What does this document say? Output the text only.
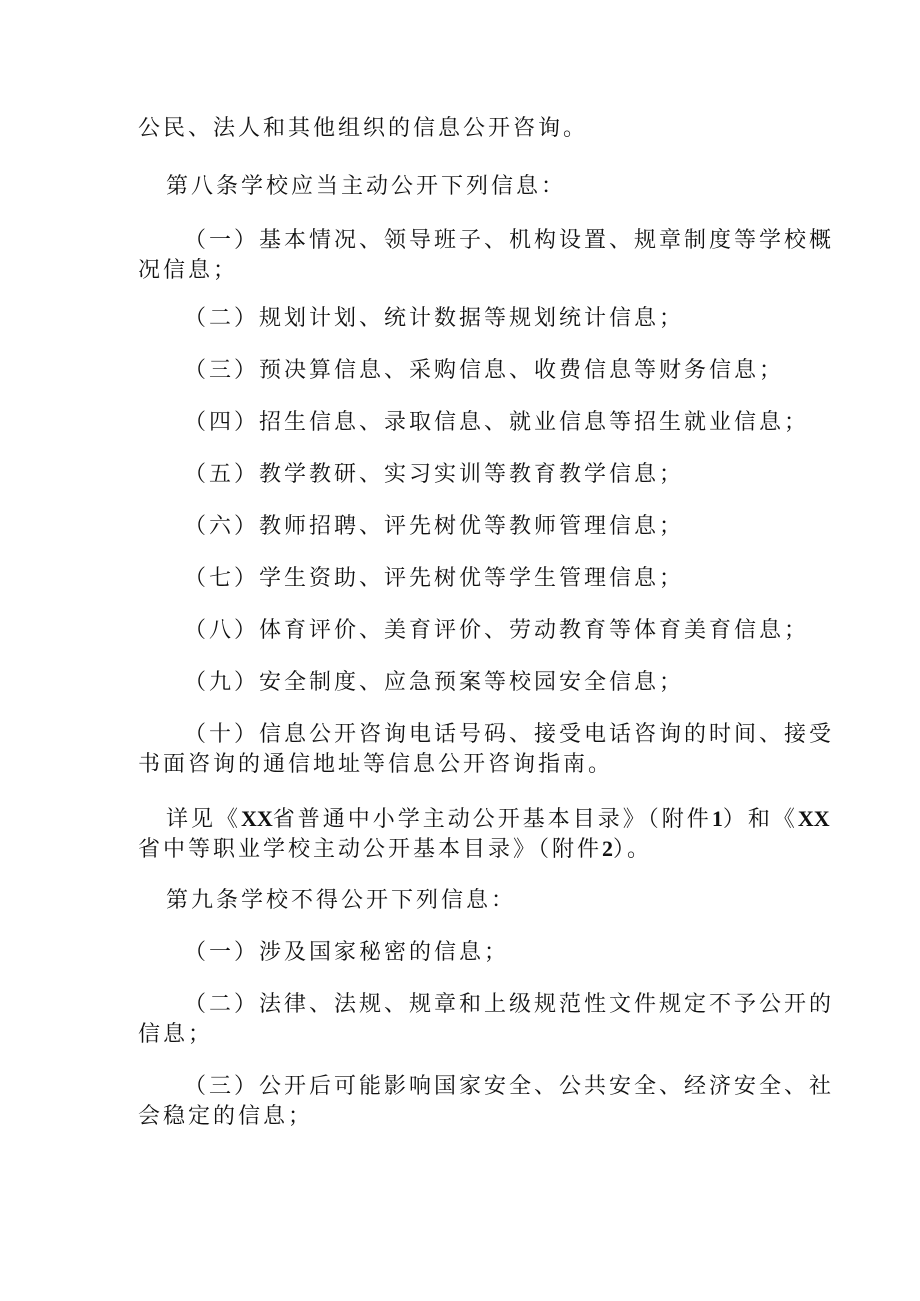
公民、法人和其他组织的信息公开咨询。
第八条学校应当主动公开下列信息：
（一）基本情况、领导班子、机构设置、规章制度等学校概
况信息；
（二）规划计划、统计数据等规划统计信息；
（三）预决算信息、采购信息、收费信息等财务信息；
（四）招生信息、录取信息、就业信息等招生就业信息；
（五）教学教研、实习实训等教育教学信息；
（六）教师招聘、评先树优等教师管理信息；
（七）学生资助、评先树优等学生管理信息；
（八）体育评价、美育评价、劳动教育等体育美育信息；
（九）安全制度、应急预案等校园安全信息；
（十）信息公开咨询电话号码、接受电话咨询的时间、接受
书面咨询的通信地址等信息公开咨询指南。
详见《XX省普通中小学主动公开基本目录》（附件1）和《XX
省中等职业学校主动公开基本目录》（附件2）。
第九条学校不得公开下列信息：
（一）涉及国家秘密的信息；
（二）法律、法规、规章和上级规范性文件规定不予公开的
信息；
（三）公开后可能影响国家安全、公共安全、经济安全、社
会稳定的信息；
